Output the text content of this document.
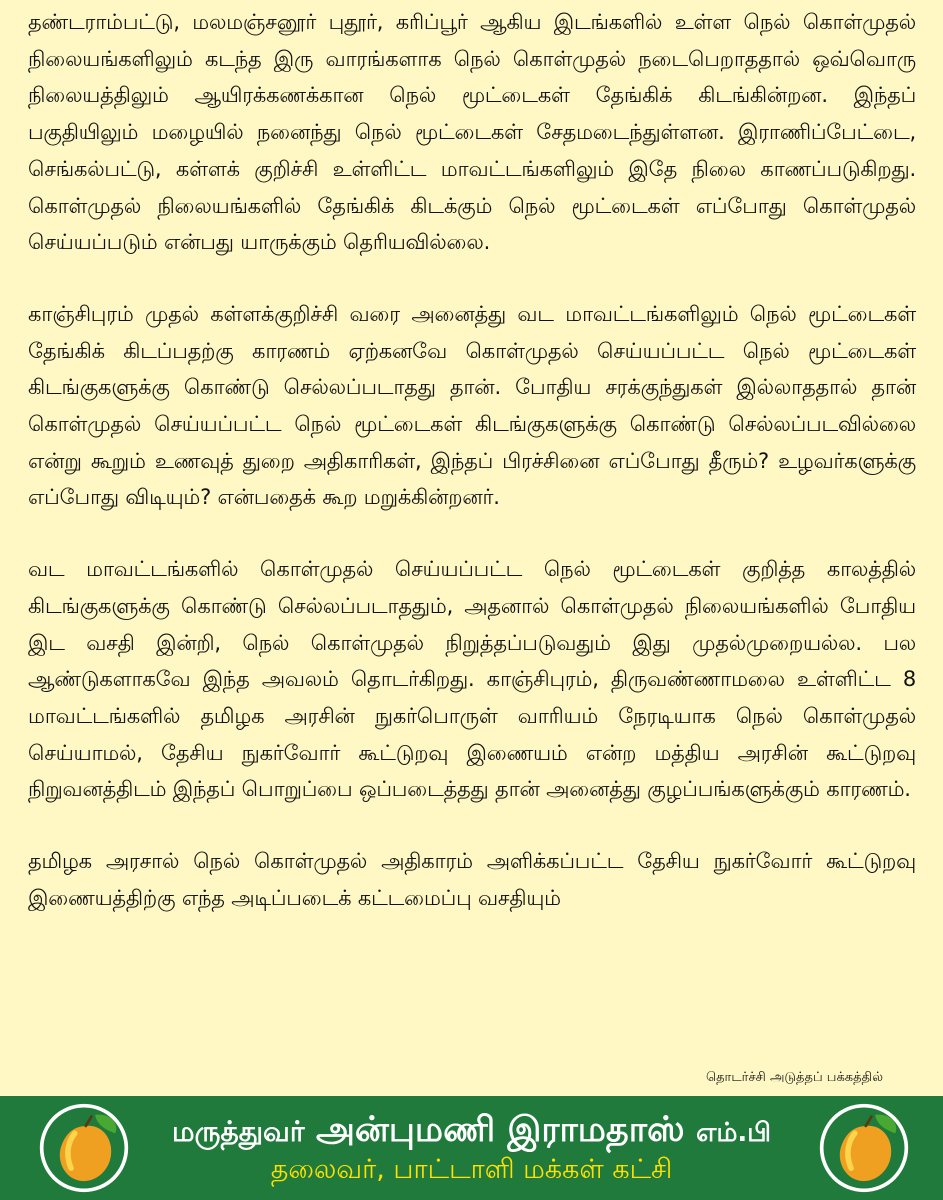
தண்டராம்பட்டு, மலமஞ்சனூர் புதூர், கரிப்பூர் ஆகிய இடங்களில் உள்ள நெல் கொள்முதல் நிலையங்களிலும் கடந்த இரு வாரங்களாக நெல் கொள்முதல் நடைபெறாததால் ஒவ்வொரு நிலையத்திலும் ஆயிரக்கணக்கான நெல் மூட்டைகள் தேங்கிக் கிடங்கின்றன. இந்தப் பகுதியிலும் மழையில் நனைந்து நெல் மூட்டைகள் சேதமடைந்துள்ளன. இராணிப்பேட்டை, செங்கல்பட்டு, கள்ளக் குறிச்சி உள்ளிட்ட மாவட்டங்களிலும் இதே நிலை காணப்படுகிறது. கொள்முதல் நிலையங்களில் தேங்கிக் கிடக்கும் நெல் மூட்டைகள் எப்போது கொள்முதல் செய்யப்படும் என்பது யாருக்கும் தெரியவில்லை.

காஞ்சிபுரம் முதல் கள்ளக்குறிச்சி வரை அனைத்து வட மாவட்டங்களிலும் நெல் மூட்டைகள் தேங்கிக் கிடப்பதற்கு காரணம் ஏற்கனவே கொள்முதல் செய்யப்பட்ட நெல் மூட்டைகள் கிடங்குகளுக்கு கொண்டு செல்லப்படாதது தான். போதிய சரக்குந்துகள் இல்லாததால் தான் கொள்முதல் செய்யப்பட்ட நெல் மூட்டைகள் கிடங்குகளுக்கு கொண்டு செல்லப்படவில்லை என்று கூறும் உணவுத் துறை அதிகாரிகள், இந்தப் பிரச்சினை எப்போது தீரும்? உழவர்களுக்கு எப்போது விடியும்? என்பதைக் கூற மறுக்கின்றனர்.

வட மாவட்டங்களில் கொள்முதல் செய்யப்பட்ட நெல் மூட்டைகள் குறித்த காலத்தில் கிடங்குகளுக்கு கொண்டு செல்லப்படாததும், அதனால் கொள்முதல் நிலையங்களில் போதிய இட வசதி இன்றி, நெல் கொள்முதல் நிறுத்தப்படுவதும் இது முதல்முறையல்ல. பல ஆண்டுகளாகவே இந்த அவலம் தொடர்கிறது. காஞ்சிபுரம், திருவண்ணாமலை உள்ளிட்ட 8 மாவட்டங்களில் தமிழக அரசின் நுகர்பொருள் வாரியம் நேரடியாக நெல் கொள்முதல் செய்யாமல், தேசிய நுகர்வோர் கூட்டுறவு இணையம் என்ற மத்திய அரசின் கூட்டுறவு நிறுவனத்திடம் இந்தப் பொறுப்பை ஒப்படைத்தது தான் அனைத்து குழப்பங்களுக்கும் காரணம்.

தமிழக அரசால் நெல் கொள்முதல் அதிகாரம் அளிக்கப்பட்ட தேசிய நுகர்வோர் கூட்டுறவு இணையத்திற்கு எந்த அடிப்படைக் கட்டமைப்பு வசதியும்

தொடர்ச்சி அடுத்தப் பக்கத்தில்
மருத்துவர் அன்புமணி இராமதாஸ் எம்.பி
தலைவர், பாட்டாளி மக்கள் கட்சி
